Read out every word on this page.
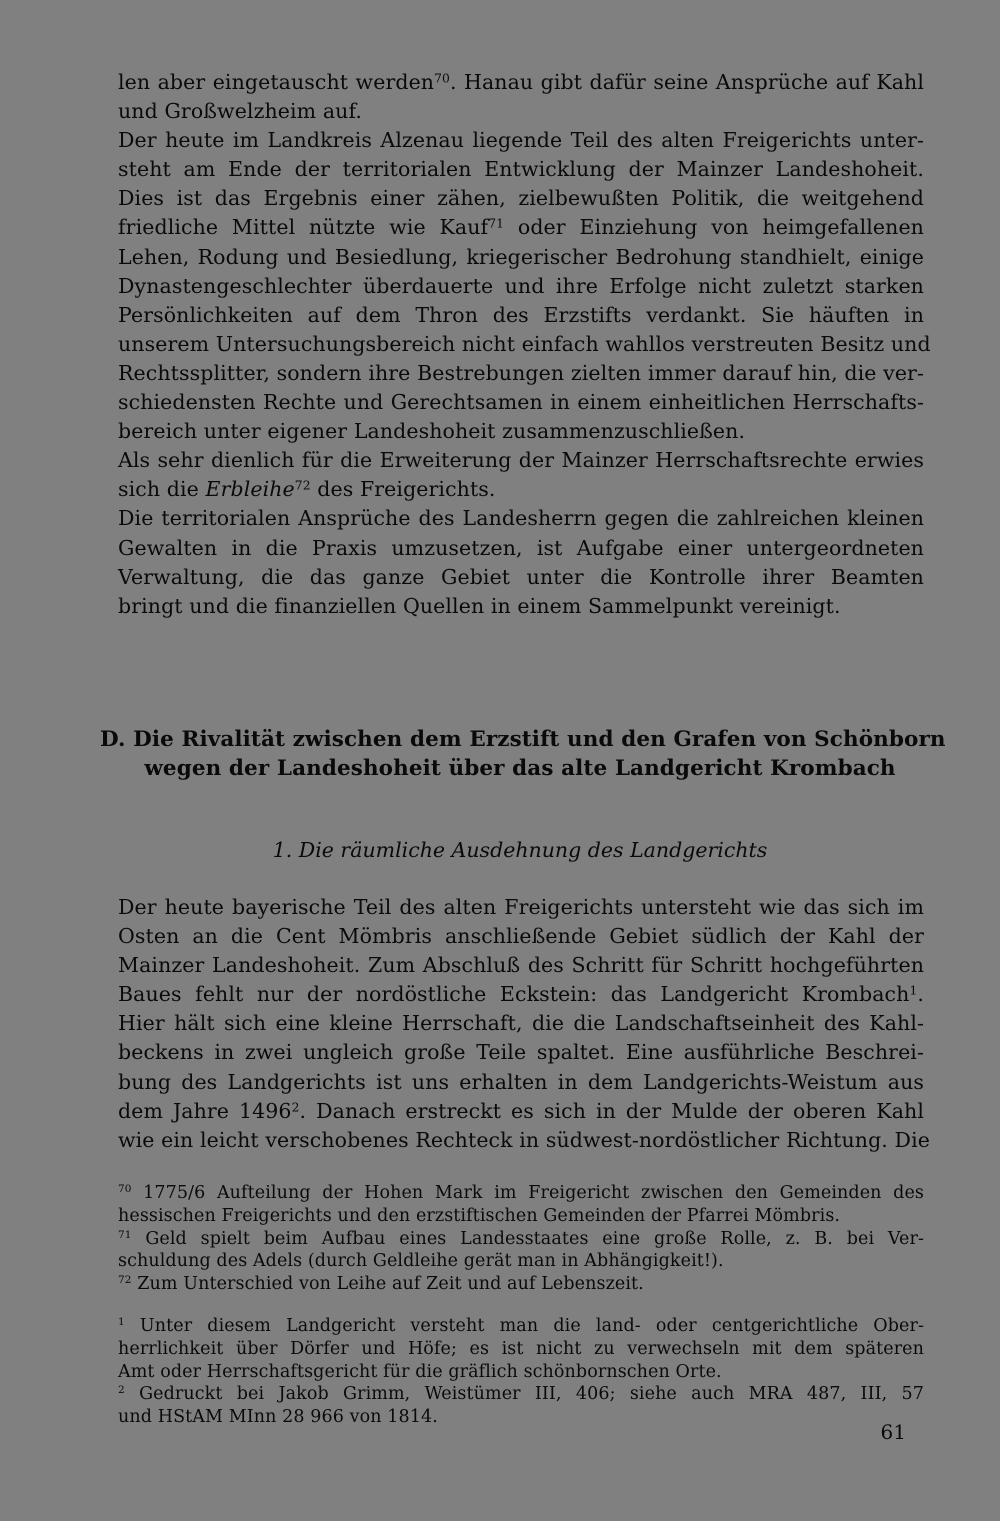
len aber eingetauscht werden$^{70}$. Hanau gibt dafür seine Ansprüche auf Kahl
und Großwelzheim auf.
Der heute im Landkreis Alzenau liegende Teil des alten Freigerichts unter-
steht am Ende der territorialen Entwicklung der Mainzer Landeshoheit.
Dies ist das Ergebnis einer zähen, zielbewußten Politik, die weitgehend
friedliche Mittel nützte wie Kauf$^{71}$ oder Einziehung von heimgefallenen
Lehen, Rodung und Besiedlung, kriegerischer Bedrohung standhielt, einige
Dynastengeschlechter überdauerte und ihre Erfolge nicht zuletzt starken
Persönlichkeiten auf dem Thron des Erzstifts verdankt. Sie häuften in
unserem Untersuchungsbereich nicht einfach wahllos verstreuten Besitz und
Rechtssplitter, sondern ihre Bestrebungen zielten immer darauf hin, die ver-
schiedensten Rechte und Gerechtsamen in einem einheitlichen Herrschafts-
bereich unter eigener Landeshoheit zusammenzuschließen.
Als sehr dienlich für die Erweiterung der Mainzer Herrschaftsrechte erwies
sich die Erbleihe$^{72}$ des Freigerichts.
Die territorialen Ansprüche des Landesherrn gegen die zahlreichen kleinen
Gewalten in die Praxis umzusetzen, ist Aufgabe einer untergeordneten
Verwaltung, die das ganze Gebiet unter die Kontrolle ihrer Beamten
bringt und die finanziellen Quellen in einem Sammelpunkt vereinigt.
D. Die Rivalität zwischen dem Erzstift und den Grafen von Schönborn
wegen der Landeshoheit über das alte Landgericht Krombach
1. Die räumliche Ausdehnung des Landgerichts
Der heute bayerische Teil des alten Freigerichts untersteht wie das sich im
Osten an die Cent Mömbris anschließende Gebiet südlich der Kahl der
Mainzer Landeshoheit. Zum Abschluß des Schritt für Schritt hochgeführten
Baues fehlt nur der nordöstliche Eckstein: das Landgericht Krombach$^1$.
Hier hält sich eine kleine Herrschaft, die die Landschaftseinheit des Kahl-
beckens in zwei ungleich große Teile spaltet. Eine ausführliche Beschrei-
bung des Landgerichts ist uns erhalten in dem Landgerichts-Weistum aus
dem Jahre 1496$^2$. Danach erstreckt es sich in der Mulde der oberen Kahl
wie ein leicht verschobenes Rechteck in südwest-nordöstlicher Richtung. Die
$^{70}$ 1775/6 Aufteilung der Hohen Mark im Freigericht zwischen den Gemeinden des
hessischen Freigerichts und den erzstiftischen Gemeinden der Pfarrei Mömbris.
$^{71}$ Geld spielt beim Aufbau eines Landesstaates eine große Rolle, z. B. bei Ver-
schuldung des Adels (durch Geldleihe gerät man in Abhängigkeit!).
$^{72}$ Zum Unterschied von Leihe auf Zeit und auf Lebenszeit.
$^1$ Unter diesem Landgericht versteht man die land- oder centgerichtliche Ober-
herrlichkeit über Dörfer und Höfe; es ist nicht zu verwechseln mit dem späteren
Amt oder Herrschaftsgericht für die gräflich schönbornschen Orte.
$^2$ Gedruckt bei Jakob Grimm, Weistümer III, 406; siehe auch MRA 487, III, 57
und HStAM MInn 28 966 von 1814.
61
